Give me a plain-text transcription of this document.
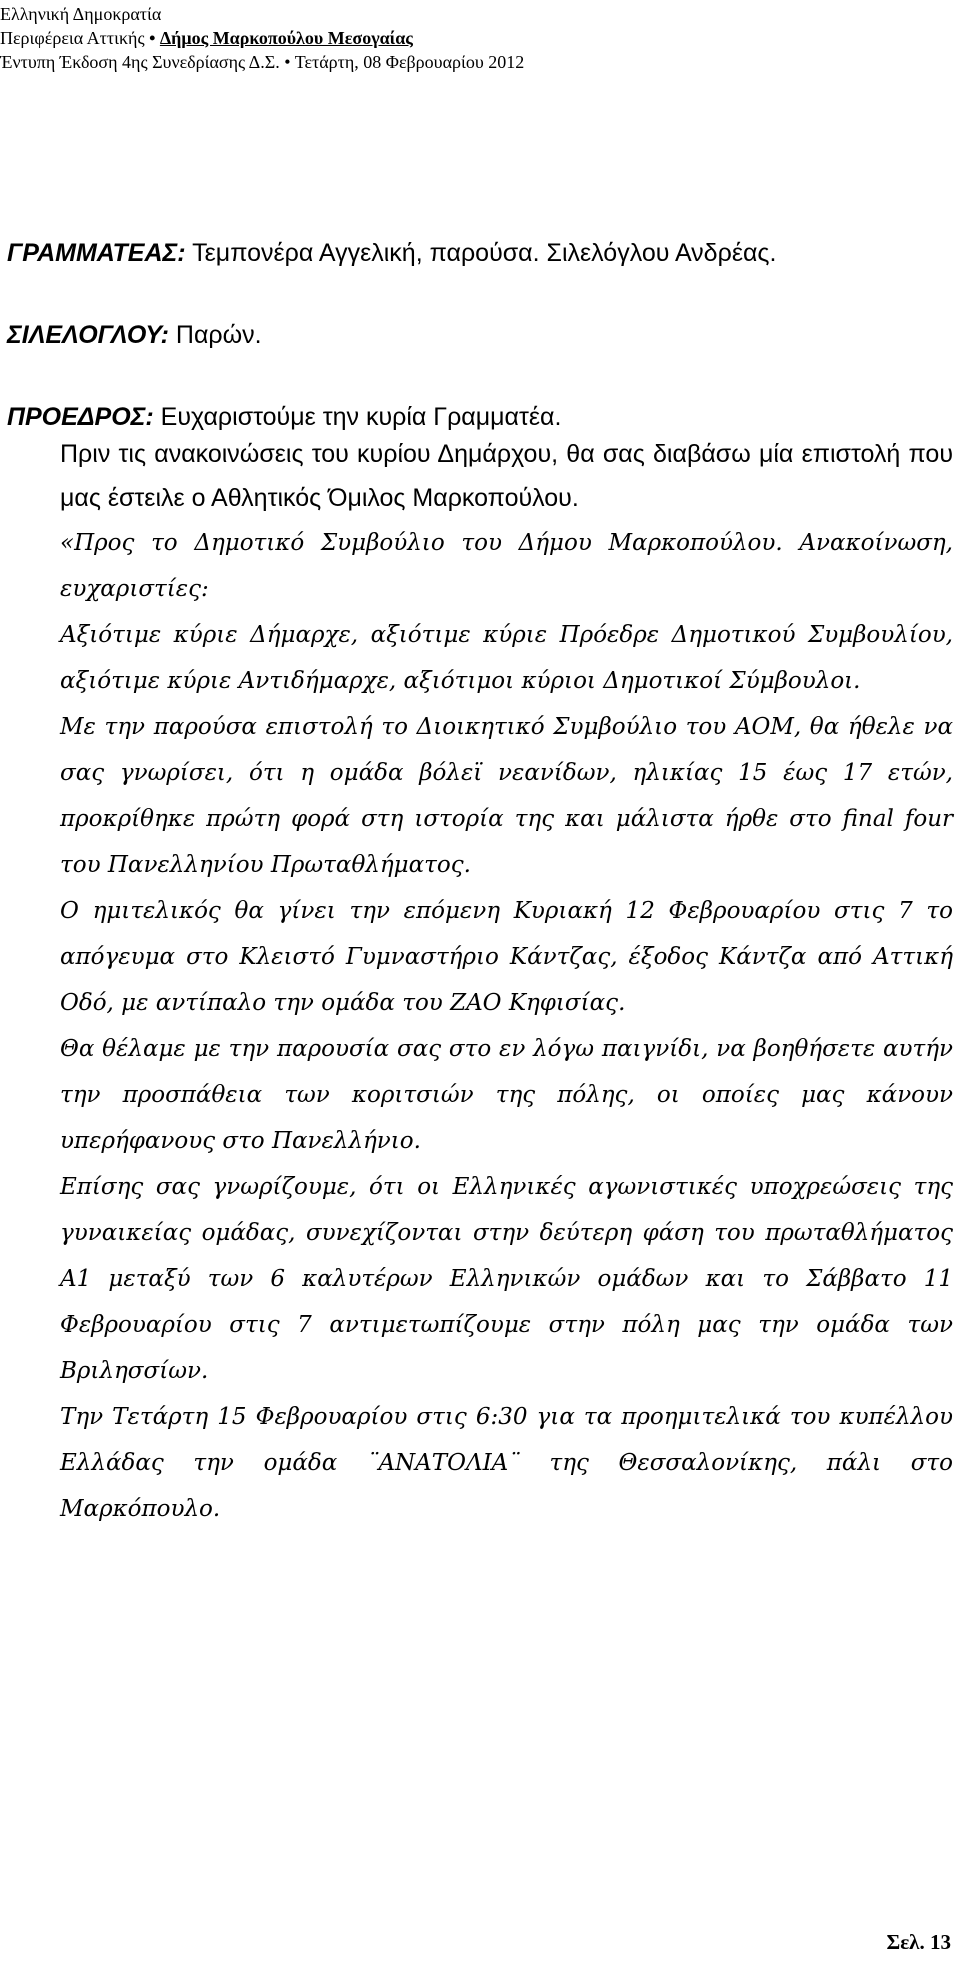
Ελληνική Δημοκρατία
Περιφέρεια Αττικής • Δήμος Μαρκοπούλου Μεσογαίας
Έντυπη Έκδοση 4ης Συνεδρίασης Δ.Σ. • Τετάρτη, 08 Φεβρουαρίου 2012

ΓΡΑΜΜΑΤΕΑΣ: Τεμπονέρα Αγγελική, παρούσα. Σιλελόγλου Ανδρέας.

ΣΙΛΕΛΟΓΛΟΥ: Παρών.

ΠΡΟΕΔΡΟΣ: Ευχαριστούμε την κυρία Γραμματέα.

Πριν τις ανακοινώσεις του κυρίου Δημάρχου, θα σας διαβάσω μία επιστολή που μας έστειλε ο Αθλητικός Όμιλος Μαρκοπούλου.

«Προς το Δημοτικό Συμβούλιο του Δήμου Μαρκοπούλου. Ανακοίνωση, ευχαριστίες:

Αξιότιμε κύριε Δήμαρχε, αξιότιμε κύριε Πρόεδρε Δημοτικού Συμβουλίου, αξιότιμε κύριε Αντιδήμαρχε, αξιότιμοι κύριοι Δημοτικοί Σύμβουλοι.

Με την παρούσα επιστολή το Διοικητικό Συμβούλιο του ΑΟΜ, θα ήθελε να σας γνωρίσει, ότι η ομάδα βόλεϊ νεανίδων, ηλικίας 15 έως 17 ετών, προκρίθηκε πρώτη φορά στη ιστορία της και μάλιστα ήρθε στο final four του Πανελληνίου Πρωταθλήματος.

Ο ημιτελικός θα γίνει την επόμενη Κυριακή 12 Φεβρουαρίου στις 7 το απόγευμα στο Κλειστό Γυμναστήριο Κάντζας, έξοδος Κάντζα από Αττική Οδό, με αντίπαλο την ομάδα του ΖΑΟ Κηφισίας.

Θα θέλαμε με την παρουσία σας στο εν λόγω παιγνίδι, να βοηθήσετε αυτήν την προσπάθεια των κοριτσιών της πόλης, οι οποίες μας κάνουν υπερήφανους στο Πανελλήνιο.

Επίσης σας γνωρίζουμε, ότι οι Ελληνικές αγωνιστικές υποχρεώσεις της γυναικείας ομάδας, συνεχίζονται στην δεύτερη φάση του πρωταθλήματος Α1 μεταξύ των 6 καλυτέρων Ελληνικών ομάδων και το Σάββατο 11 Φεβρουαρίου στις 7 αντιμετωπίζουμε στην πόλη μας την ομάδα των Βριλησσίων.

Την Τετάρτη 15 Φεβρουαρίου στις 6:30 για τα προημιτελικά του κυπέλλου Ελλάδας την ομάδα ¨ΑΝΑΤΟΛΙΑ¨ της Θεσσαλονίκης, πάλι στο Μαρκόπουλο.

Σελ. 13
